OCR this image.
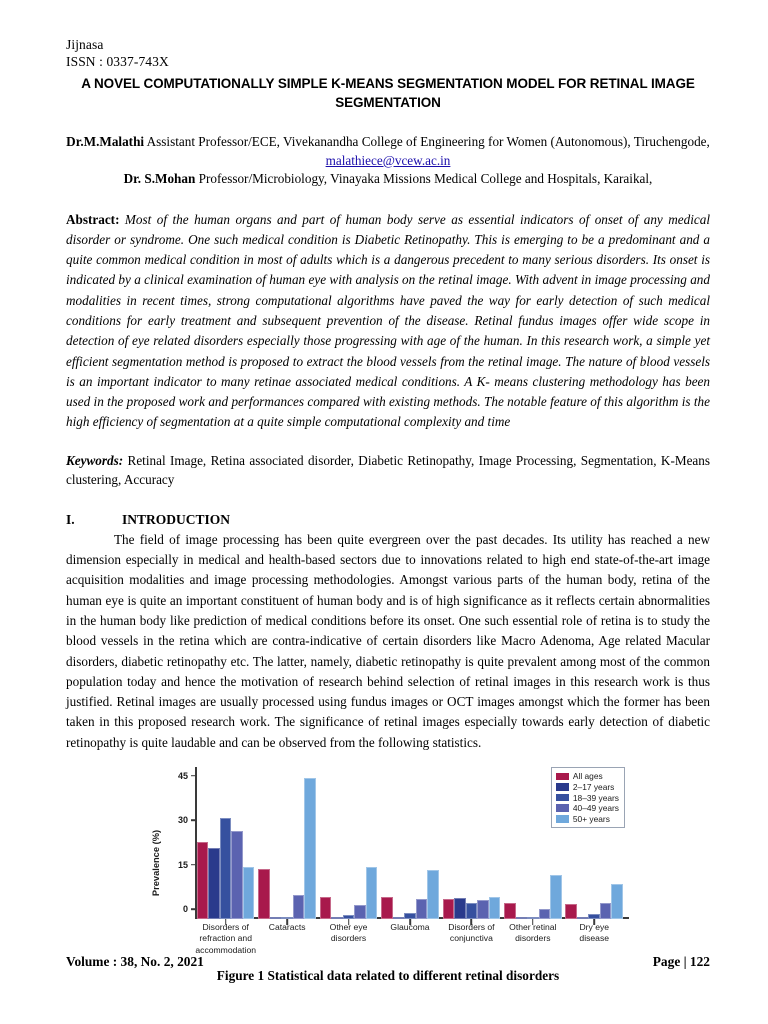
Jijnasa
ISSN : 0337-743X
A NOVEL COMPUTATIONALLY SIMPLE K-MEANS SEGMENTATION MODEL FOR RETINAL IMAGE SEGMENTATION
Dr.M.Malathi Assistant Professor/ECE, Vivekanandha College of Engineering for Women (Autonomous), Tiruchengode, malathiece@vcew.ac.in
Dr. S.Mohan Professor/Microbiology, Vinayaka Missions Medical College and Hospitals, Karaikal,
Abstract: Most of the human organs and part of human body serve as essential indicators of onset of any medical disorder or syndrome. One such medical condition is Diabetic Retinopathy. This is emerging to be a predominant and a quite common medical condition in most of adults which is a dangerous precedent to many serious disorders. Its onset is indicated by a clinical examination of human eye with analysis on the retinal image. With advent in image processing and modalities in recent times, strong computational algorithms have paved the way for early detection of such medical conditions for early treatment and subsequent prevention of the disease. Retinal fundus images offer wide scope in detection of eye related disorders especially those progressing with age of the human. In this research work, a simple yet efficient segmentation method is proposed to extract the blood vessels from the retinal image. The nature of blood vessels is an important indicator to many retinae associated medical conditions. A K- means clustering methodology has been used in the proposed work and performances compared with existing methods. The notable feature of this algorithm is the high efficiency of segmentation at a quite simple computational complexity and time
Keywords: Retinal Image, Retina associated disorder, Diabetic Retinopathy, Image Processing, Segmentation, K-Means clustering, Accuracy
I.	INTRODUCTION
The field of image processing has been quite evergreen over the past decades. Its utility has reached a new dimension especially in medical and health-based sectors due to innovations related to high end state-of-the-art image acquisition modalities and image processing methodologies. Amongst various parts of the human body, retina of the human eye is quite an important constituent of human body and is of high significance as it reflects certain abnormalities in the human body like prediction of medical conditions before its onset. One such essential role of retina is to study the blood vessels in the retina which are contra-indicative of certain disorders like Macro Adenoma, Age related Macular disorders, diabetic retinopathy etc. The latter, namely, diabetic retinopathy is quite prevalent among most of the common population today and hence the motivation of research behind selection of retinal images in this research work is thus justified. Retinal images are usually processed using fundus images or OCT images amongst which the former has been taken in this proposed research work. The significance of retinal images especially towards early detection of diabetic retinopathy is quite laudable and can be observed from the following statistics.
Prevalence (%)
0
15
30
45
Disorders of refraction and accommodation
Cataracts	Other eye disorders
Glaucoma	Disorders of conjunctiva
Other retinal disorders
Dry eye disease
All ages
2–17 years
18–39 years
40–49 years
50+ years
Figure 1 Statistical data related to different retinal disorders
Volume : 38, No. 2, 2021	Page | 122
